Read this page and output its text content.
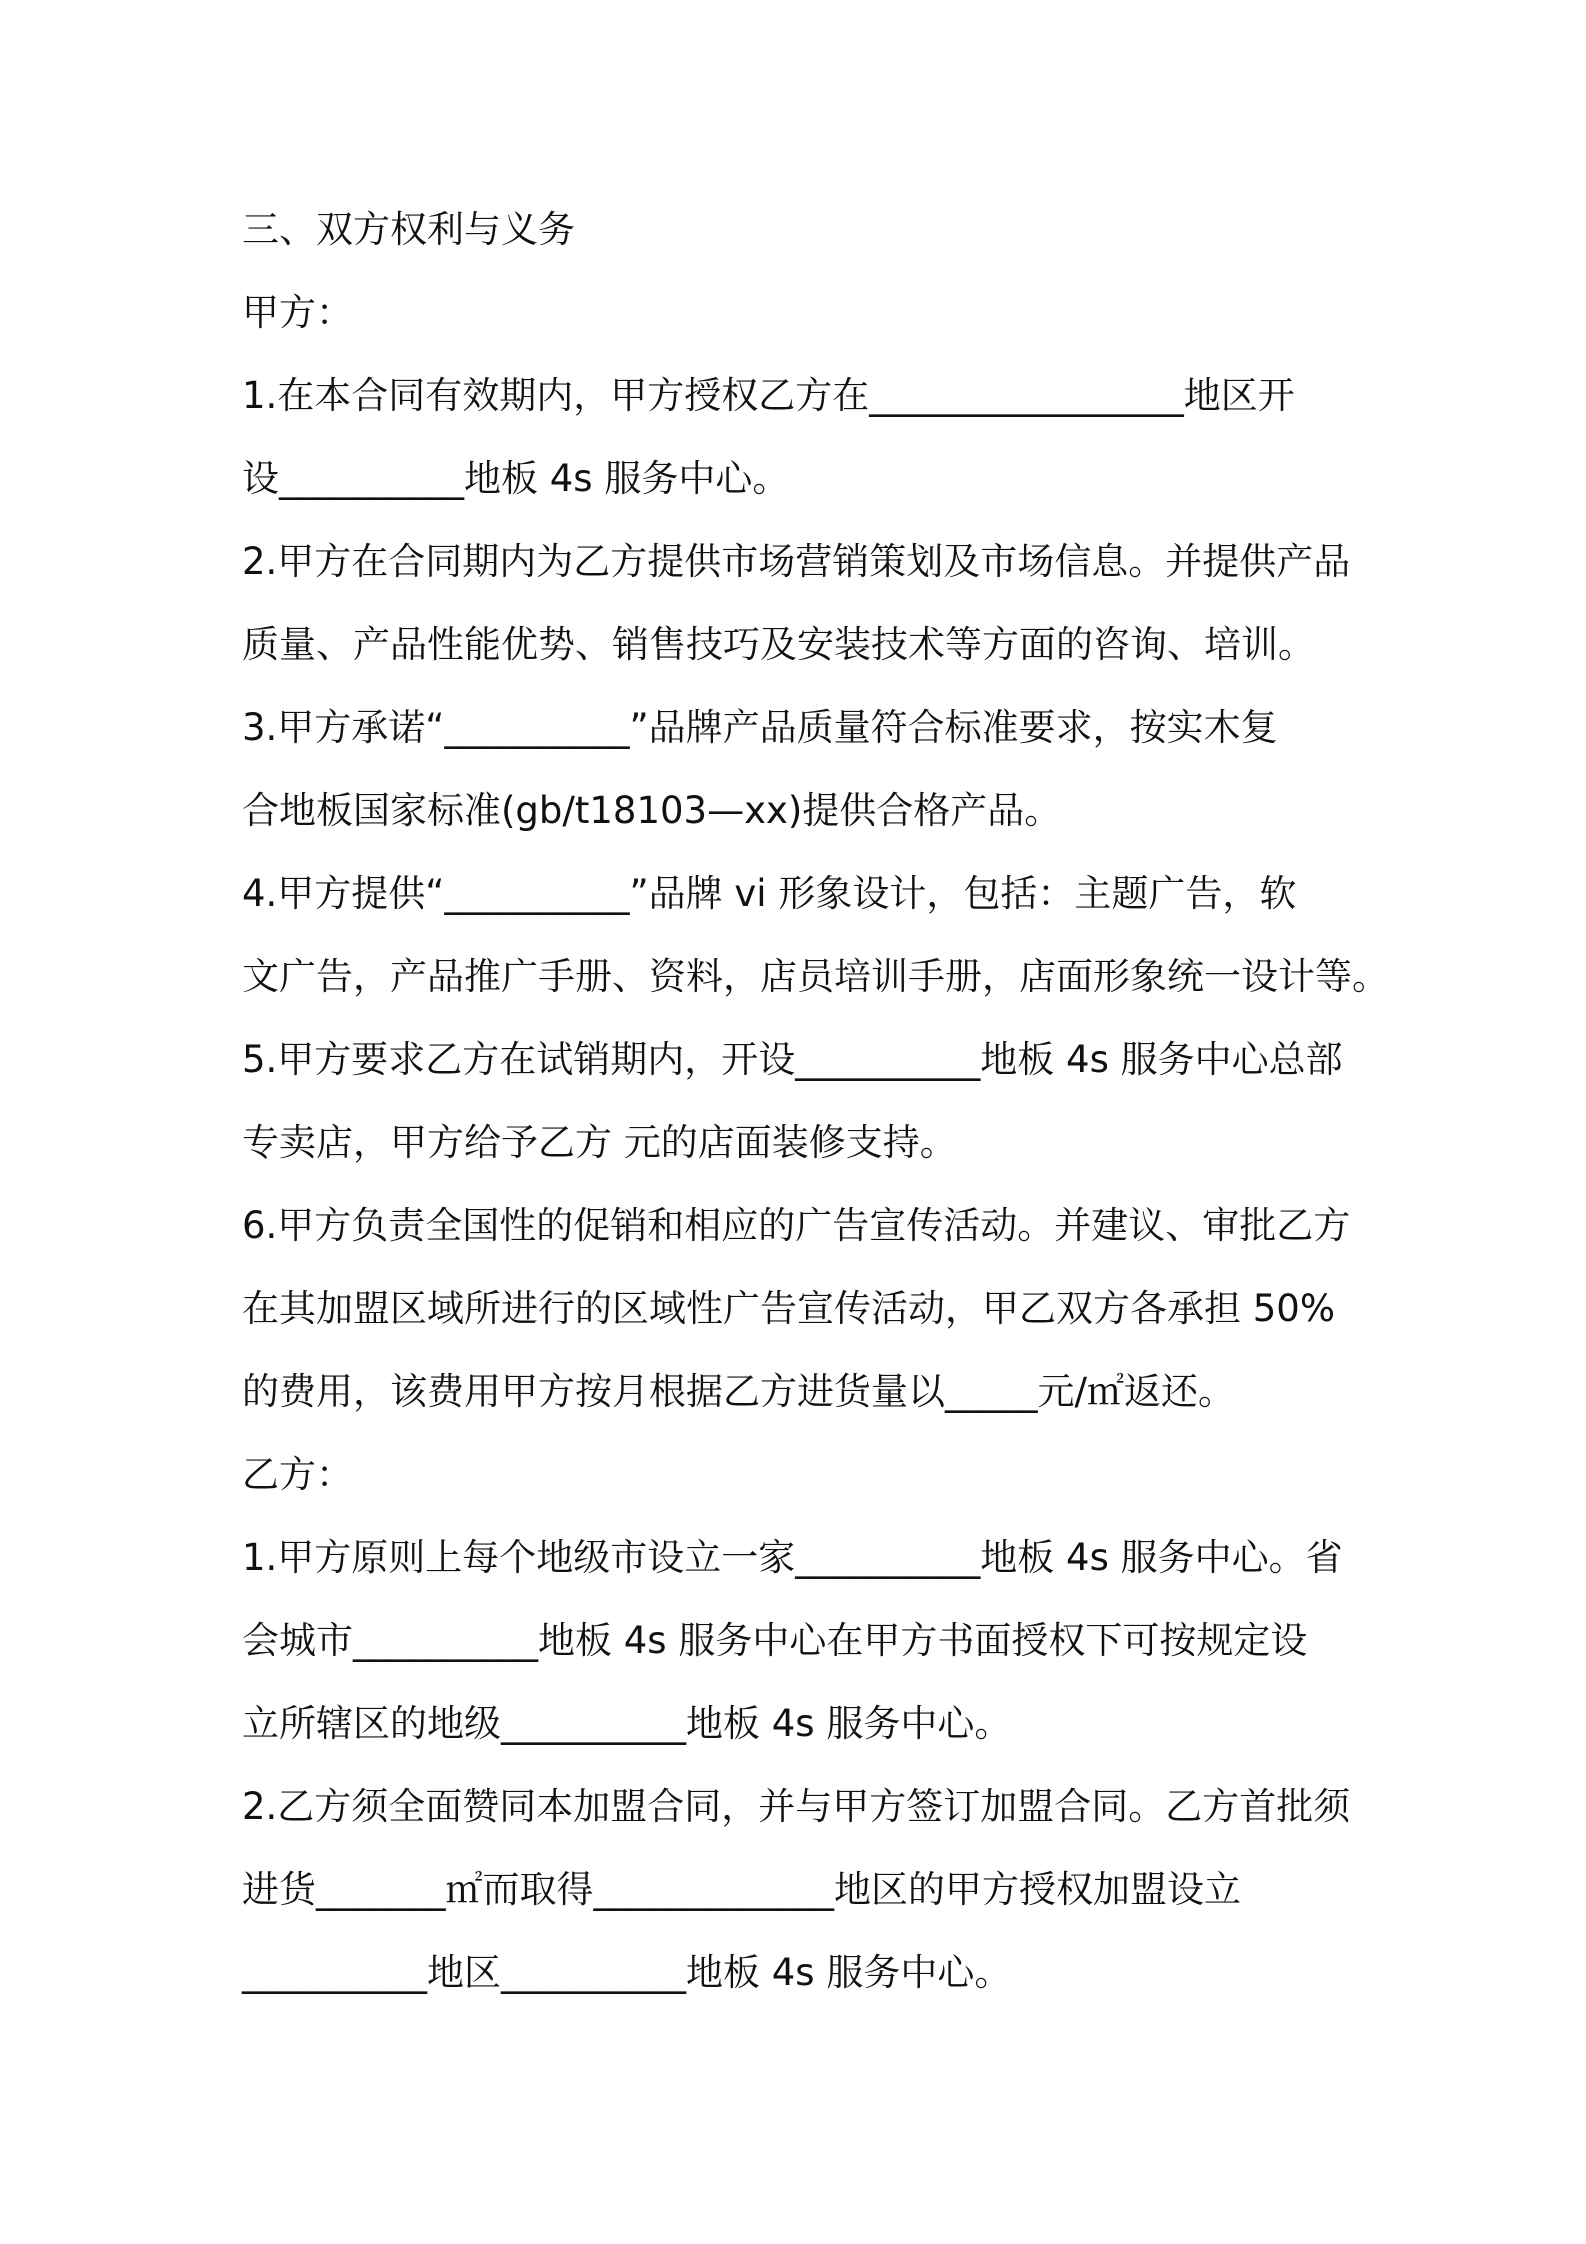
三、双方权利与义务
甲方：
1.在本合同有效期内，甲方授权乙方在_________________地区开
设__________地板 4s 服务中心。
2.甲方在合同期内为乙方提供市场营销策划及市场信息。并提供产品
质量、产品性能优势、销售技巧及安装技术等方面的咨询、培训。
3.甲方承诺“__________”品牌产品质量符合标准要求，按实木复
合地板国家标准(gb/t18103—xx)提供合格产品。
4.甲方提供“__________”品牌 vi 形象设计，包括：主题广告，软
文广告，产品推广手册、资料，店员培训手册，店面形象统一设计等。
5.甲方要求乙方在试销期内，开设__________地板 4s 服务中心总部
专卖店，甲方给予乙方 元的店面装修支持。
6.甲方负责全国性的促销和相应的广告宣传活动。并建议、审批乙方
在其加盟区域所进行的区域性广告宣传活动，甲乙双方各承担 50%
的费用，该费用甲方按月根据乙方进货量以_____元/㎡返还。
乙方：
1.甲方原则上每个地级市设立一家__________地板 4s 服务中心。省
会城市__________地板 4s 服务中心在甲方书面授权下可按规定设
立所辖区的地级__________地板 4s 服务中心。
2.乙方须全面赞同本加盟合同，并与甲方签订加盟合同。乙方首批须
进货_______㎡而取得_____________地区的甲方授权加盟设立
__________地区__________地板 4s 服务中心。
